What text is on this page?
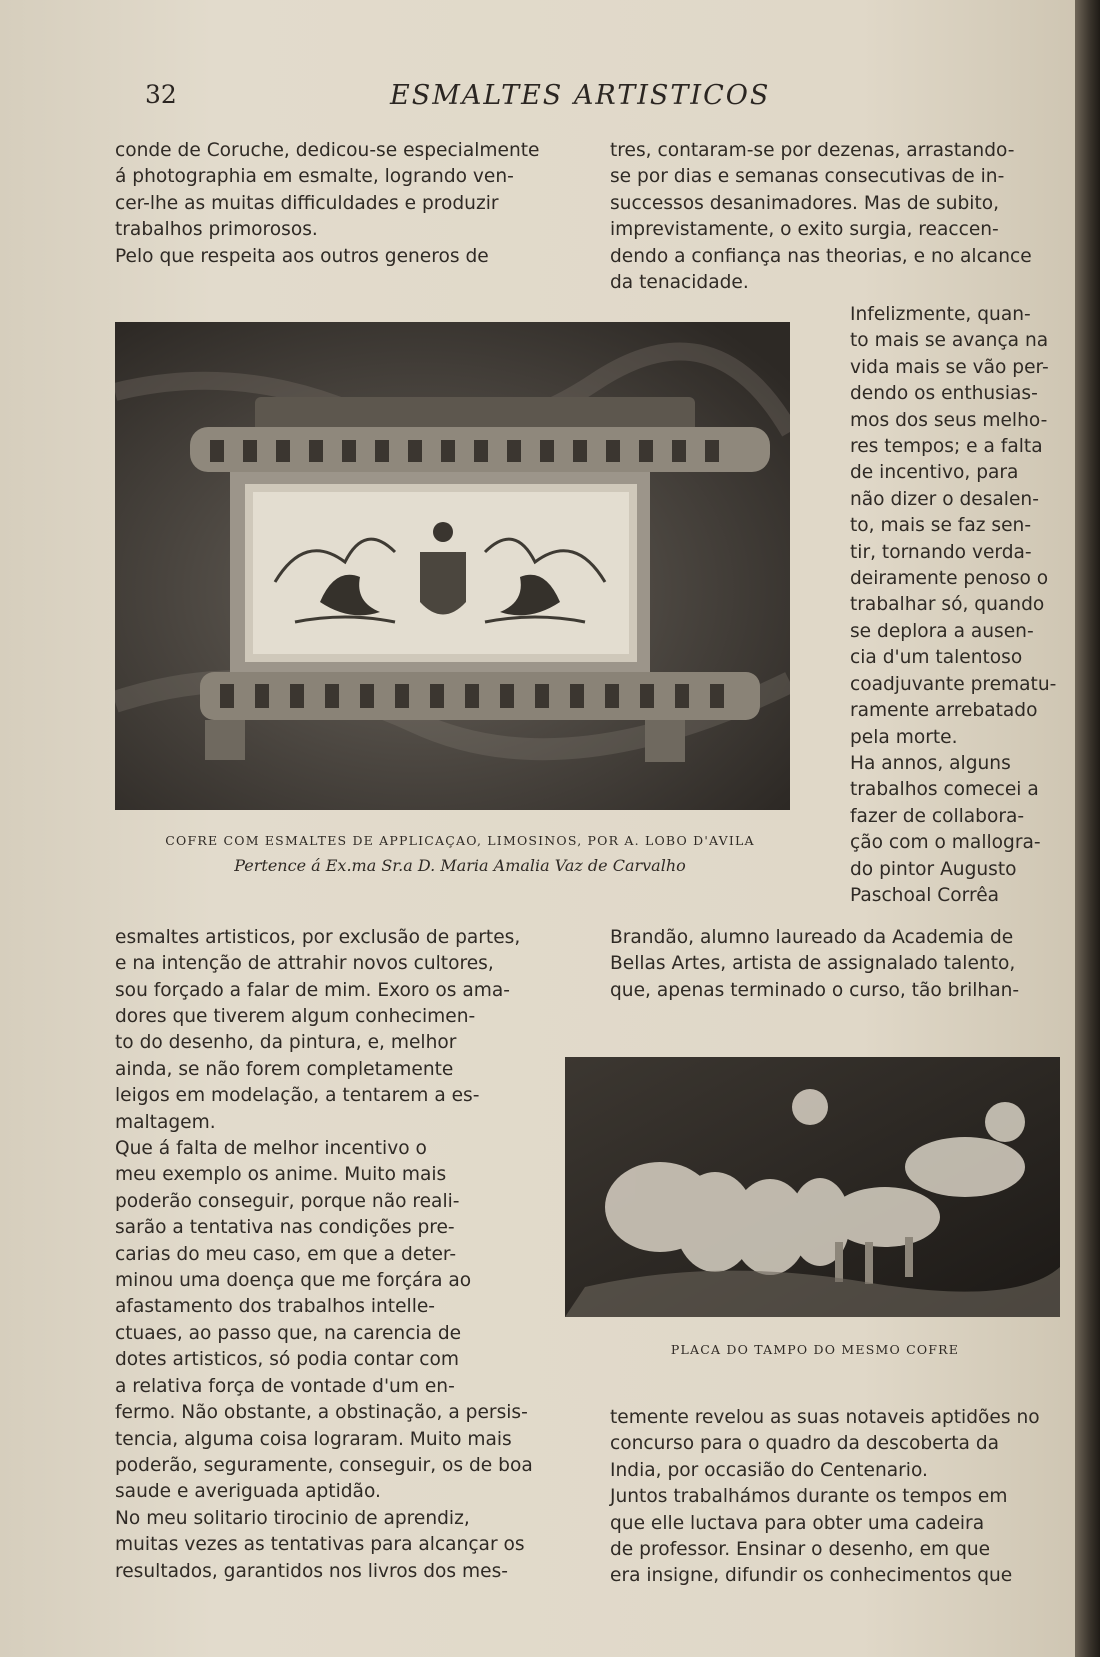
32	ESMALTES ARTISTICOS

conde de Coruche, dedicou-se especialmente
á photographia em esmalte, logrando ven-
cer-lhe as muitas difficuldades e produzir
trabalhos primorosos.
Pelo que respeita aos outros generos de

tres, contaram-se por dezenas, arrastando-
se por dias e semanas consecutivas de in-
successos desanimadores. Mas de subito,
imprevistamente, o exito surgia, reaccen-
dendo a confiança nas theorias, e no alcance
da tenacidade.

COFRE COM ESMALTES DE APPLICAÇAO, LIMOSINOS, POR A. LOBO D'AVILA

Pertence á Ex.ma Sr.a D. Maria Amalia Vaz de Carvalho

Infelizmente, quan-
to mais se avança na
vida mais se vão per-
dendo os enthusias-
mos dos seus melho-
res tempos; e a falta
de incentivo, para
não dizer o desalen-
to, mais se faz sen-
tir, tornando verda-
deiramente penoso o
trabalhar só, quando
se deplora a ausen-
cia d'um talentoso
coadjuvante prematu-
ramente arrebatado
pela morte.
Ha annos, alguns
trabalhos comecei a
fazer de collabora-
ção com o mallogra-
do pintor Augusto
Paschoal Corrêa

Brandão, alumno laureado da Academia de
Bellas Artes, artista de assignalado talento,
que, apenas terminado o curso, tão brilhan-

esmaltes artisticos, por exclusão de partes,
e na intenção de attrahir novos cultores,
sou forçado a falar de mim. Exoro os ama-

dores que tiverem algum conhecimen-
to do desenho, da pintura, e, melhor
ainda, se não forem completamente
leigos em modelação, a tentarem a es-
maltagem.
Que á falta de melhor incentivo o
meu exemplo os anime. Muito mais
poderão conseguir, porque não reali-
sarão a tentativa nas condições pre-
carias do meu caso, em que a deter-
minou uma doença que me forçára ao
afastamento dos trabalhos intelle-
ctuaes, ao passo que, na carencia de
dotes artisticos, só podia contar com
a relativa força de vontade d'um en-
fermo. Não obstante, a obstinação, a persis-
tencia, alguma coisa lograram. Muito mais
poderão, seguramente, conseguir, os de boa
saude e averiguada aptidão.
No meu solitario tirocinio de aprendiz,
muitas vezes as tentativas para alcançar os
resultados, garantidos nos livros dos mes-

PLACA DO TAMPO DO MESMO COFRE

temente revelou as suas notaveis aptidões no
concurso para o quadro da descoberta da
India, por occasião do Centenario.
Juntos trabalhámos durante os tempos em
que elle luctava para obter uma cadeira
de professor. Ensinar o desenho, em que
era insigne, difundir os conhecimentos que
